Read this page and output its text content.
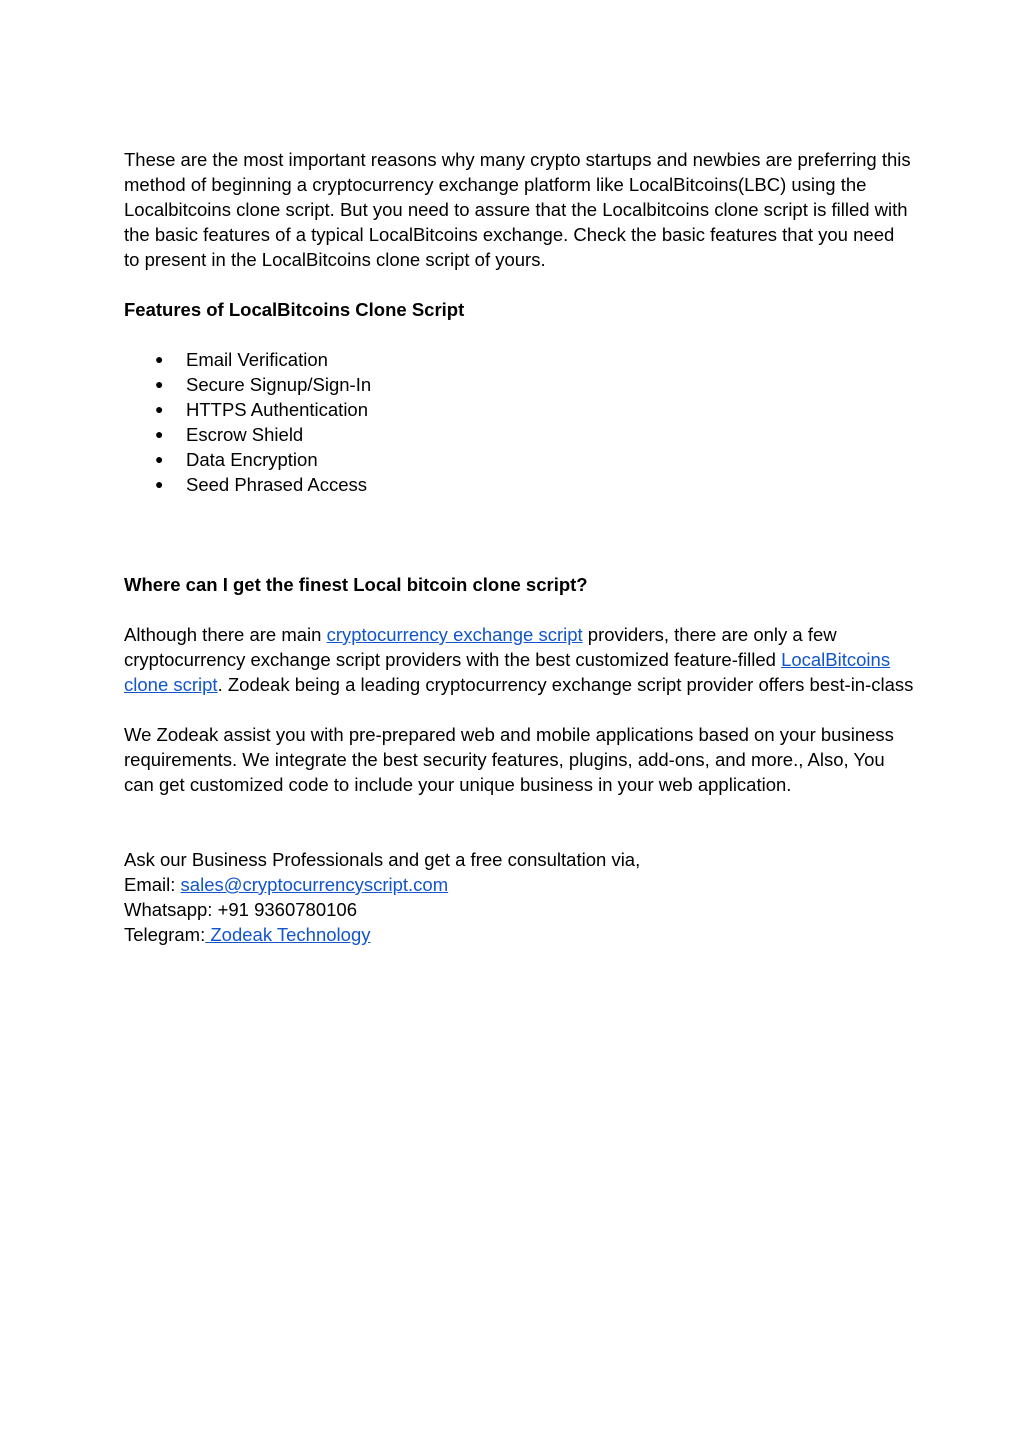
These are the most important reasons why many crypto startups and newbies are preferring this method of beginning a cryptocurrency exchange platform like LocalBitcoins(LBC) using the Localbitcoins clone script. But you need to assure that the Localbitcoins clone script is filled with the basic features of a typical LocalBitcoins exchange. Check the basic features that you need to present in the LocalBitcoins clone script of yours.

Features of LocalBitcoins Clone Script

● Email Verification
● Secure Signup/Sign-In
● HTTPS Authentication
● Escrow Shield
● Data Encryption
● Seed Phrased Access

Where can I get the finest Local bitcoin clone script?

Although there are main cryptocurrency exchange script providers, there are only a few cryptocurrency exchange script providers with the best customized feature-filled LocalBitcoins clone script. Zodeak being a leading cryptocurrency exchange script provider offers best-in-class

We Zodeak assist you with pre-prepared web and mobile applications based on your business requirements. We integrate the best security features, plugins, add-ons, and more., Also, You can get customized code to include your unique business in your web application.

Ask our Business Professionals and get a free consultation via,

Email: sales@cryptocurrencyscript.com

Whatsapp: +91 9360780106

Telegram: Zodeak Technology
